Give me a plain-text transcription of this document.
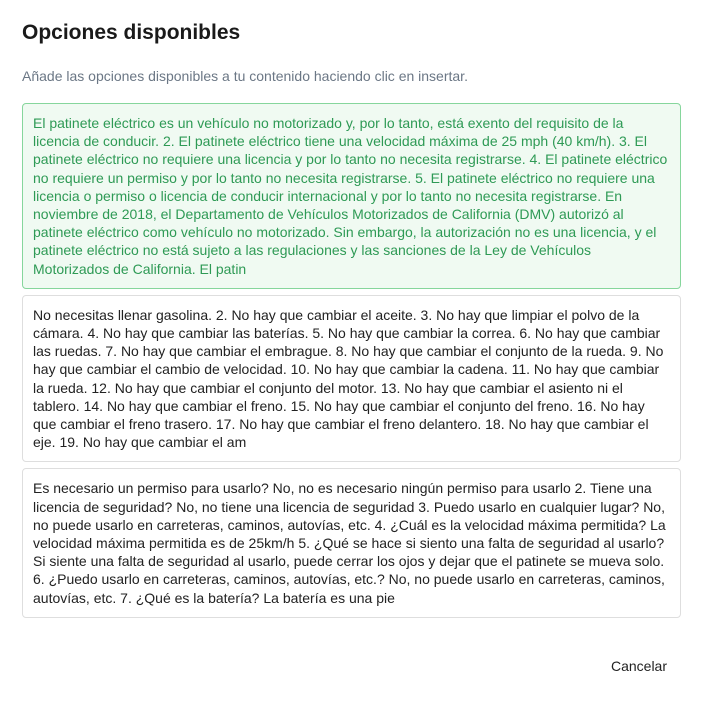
Opciones disponibles
Añade las opciones disponibles a tu contenido haciendo clic en insertar.
El patinete eléctrico es un vehículo no motorizado y, por lo tanto, está exento del requisito de la licencia de conducir. 2. El patinete eléctrico tiene una velocidad máxima de 25 mph (40 km/h). 3. El patinete eléctrico no requiere una licencia y por lo tanto no necesita registrarse. 4. El patinete eléctrico no requiere un permiso y por lo tanto no necesita registrarse. 5. El patinete eléctrico no requiere una licencia o permiso o licencia de conducir internacional y por lo tanto no necesita registrarse. En noviembre de 2018, el Departamento de Vehículos Motorizados de California (DMV) autorizó al patinete eléctrico como vehículo no motorizado. Sin embargo, la autorización no es una licencia, y el patinete eléctrico no está sujeto a las regulaciones y las sanciones de la Ley de Vehículos Motorizados de California. El patin
No necesitas llenar gasolina. 2. No hay que cambiar el aceite. 3. No hay que limpiar el polvo de la cámara. 4. No hay que cambiar las baterías. 5. No hay que cambiar la correa. 6. No hay que cambiar las ruedas. 7. No hay que cambiar el embrague. 8. No hay que cambiar el conjunto de la rueda. 9. No hay que cambiar el cambio de velocidad. 10. No hay que cambiar la cadena. 11. No hay que cambiar la rueda. 12. No hay que cambiar el conjunto del motor. 13. No hay que cambiar el asiento ni el tablero. 14. No hay que cambiar el freno. 15. No hay que cambiar el conjunto del freno. 16. No hay que cambiar el freno trasero. 17. No hay que cambiar el freno delantero. 18. No hay que cambiar el eje. 19. No hay que cambiar el am
Es necesario un permiso para usarlo? No, no es necesario ningún permiso para usarlo 2. Tiene una licencia de seguridad? No, no tiene una licencia de seguridad 3. Puedo usarlo en cualquier lugar? No, no puede usarlo en carreteras, caminos, autovías, etc. 4. ¿Cuál es la velocidad máxima permitida? La velocidad máxima permitida es de 25km/h 5. ¿Qué se hace si siento una falta de seguridad al usarlo? Si siente una falta de seguridad al usarlo, puede cerrar los ojos y dejar que el patinete se mueva solo. 6. ¿Puedo usarlo en carreteras, caminos, autovías, etc.? No, no puede usarlo en carreteras, caminos, autovías, etc. 7. ¿Qué es la batería? La batería es una pie
Cancelar
